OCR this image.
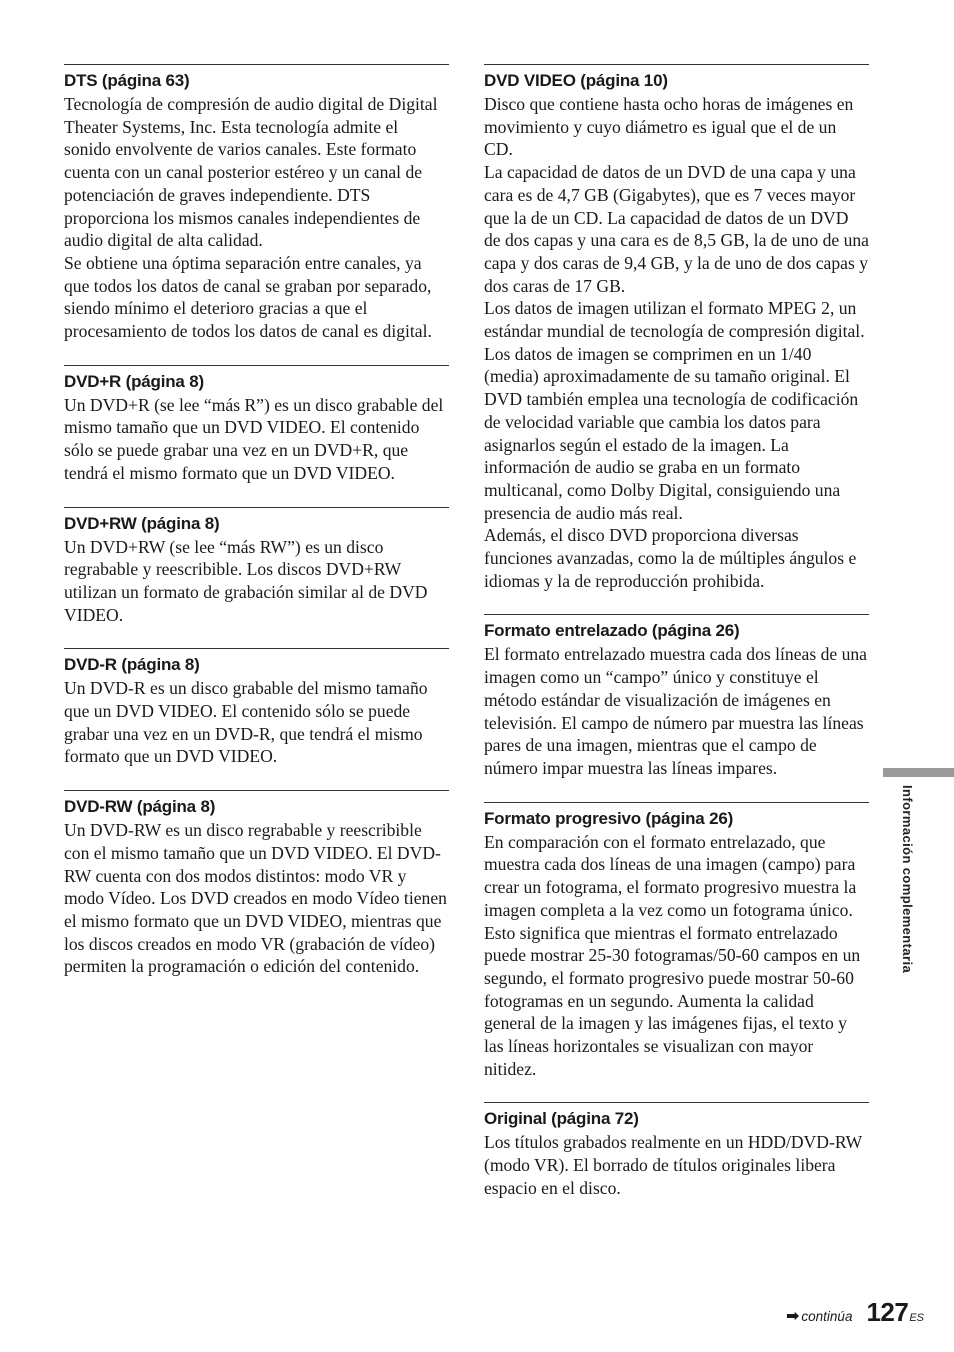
DTS (página 63)

Tecnología de compresión de audio digital de Digital Theater Systems, Inc. Esta tecnología admite el sonido envolvente de varios canales. Este formato cuenta con un canal posterior estéreo y un canal de potenciación de graves independiente. DTS proporciona los mismos canales independientes de audio digital de alta calidad.

Se obtiene una óptima separación entre canales, ya que todos los datos de canal se graban por separado, siendo mínimo el deterioro gracias a que el procesamiento de todos los datos de canal es digital.

DVD+R (página 8)

Un DVD+R (se lee “más R”) es un disco grabable del mismo tamaño que un DVD VIDEO. El contenido sólo se puede grabar una vez en un DVD+R, que tendrá el mismo formato que un DVD VIDEO.

DVD+RW (página 8)

Un DVD+RW (se lee “más RW”) es un disco regrabable y reescribible. Los discos DVD+RW utilizan un formato de grabación similar al de DVD VIDEO.

DVD-R (página 8)

Un DVD-R es un disco grabable del mismo tamaño que un DVD VIDEO. El contenido sólo se puede grabar una vez en un DVD-R, que tendrá el mismo formato que un DVD VIDEO.

DVD-RW (página 8)

Un DVD-RW es un disco regrabable y reescribible con el mismo tamaño que un DVD VIDEO. El DVD-RW cuenta con dos modos distintos: modo VR y modo Vídeo. Los DVD creados en modo Vídeo tienen el mismo formato que un DVD VIDEO, mientras que los discos creados en modo VR (grabación de vídeo) permiten la programación o edición del contenido.

DVD VIDEO (página 10)

Disco que contiene hasta ocho horas de imágenes en movimiento y cuyo diámetro es igual que el de un CD.

La capacidad de datos de un DVD de una capa y una cara es de 4,7 GB (Gigabytes), que es 7 veces mayor que la de un CD. La capacidad de datos de un DVD de dos capas y una cara es de 8,5 GB, la de uno de una capa y dos caras de 9,4 GB, y la de uno de dos capas y dos caras de 17 GB.

Los datos de imagen utilizan el formato MPEG 2, un estándar mundial de tecnología de compresión digital. Los datos de imagen se comprimen en un 1/40 (media) aproximadamente de su tamaño original. El DVD también emplea una tecnología de codificación de velocidad variable que cambia los datos para asignarlos según el estado de la imagen. La información de audio se graba en un formato multicanal, como Dolby Digital, consiguiendo una presencia de audio más real.

Además, el disco DVD proporciona diversas funciones avanzadas, como la de múltiples ángulos e idiomas y la de reproducción prohibida.

Formato entrelazado (página 26)

El formato entrelazado muestra cada dos líneas de una imagen como un “campo” único y constituye el método estándar de visualización de imágenes en televisión. El campo de número par muestra las líneas pares de una imagen, mientras que el campo de número impar muestra las líneas impares.

Formato progresivo (página 26)

En comparación con el formato entrelazado, que muestra cada dos líneas de una imagen (campo) para crear un fotograma, el formato progresivo muestra la imagen completa a la vez como un fotograma único. Esto significa que mientras el formato entrelazado puede mostrar 25-30 fotogramas/50-60 campos en un segundo, el formato progresivo puede mostrar 50-60 fotogramas en un segundo. Aumenta la calidad general de la imagen y las imágenes fijas, el texto y las líneas horizontales se visualizan con mayor nitidez.

Original (página 72)

Los títulos grabados realmente en un HDD/DVD-RW (modo VR). El borrado de títulos originales libera espacio en el disco.

Información complementaria
➡ continúa 127 ES
